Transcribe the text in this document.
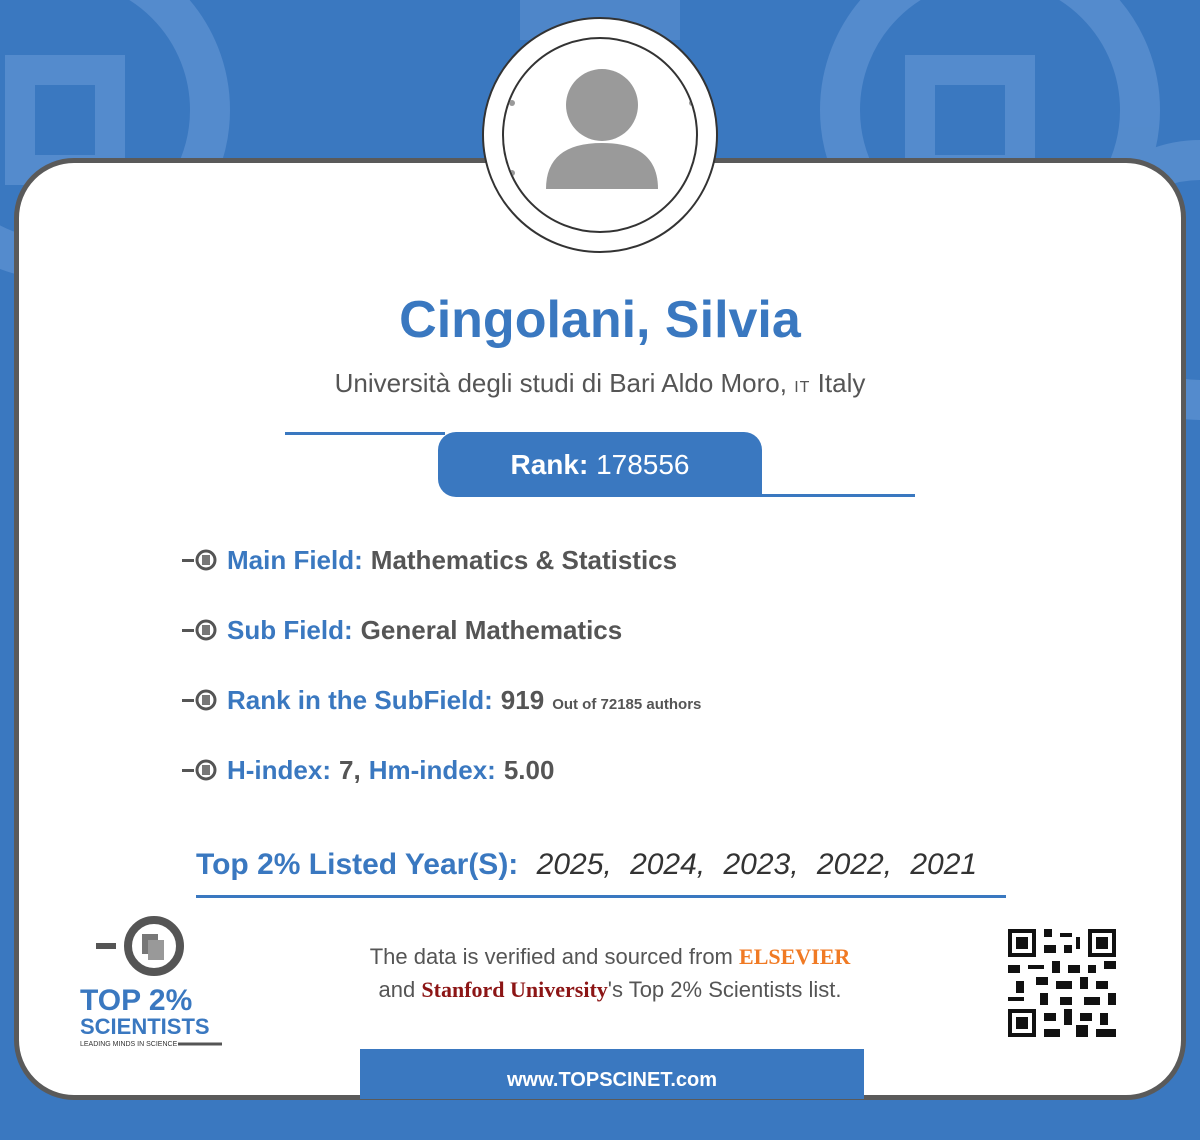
Cingolani, Silvia
Università degli studi di Bari Aldo Moro, IT Italy
Rank: 178556
Main Field: Mathematics & Statistics
Sub Field: General Mathematics
Rank in the SubField: 919 Out of 72185 authors
H-index: 7, Hm-index: 5.00
Top 2% Listed Year(S): 2025, 2024, 2023, 2022, 2021
TOP 2%
SCIENTISTS
LEADING MINDS IN SCIENCE
The data is verified and sourced from ELSEVIER
and Stanford University's Top 2% Scientists list.
www.TOPSCINET.com
